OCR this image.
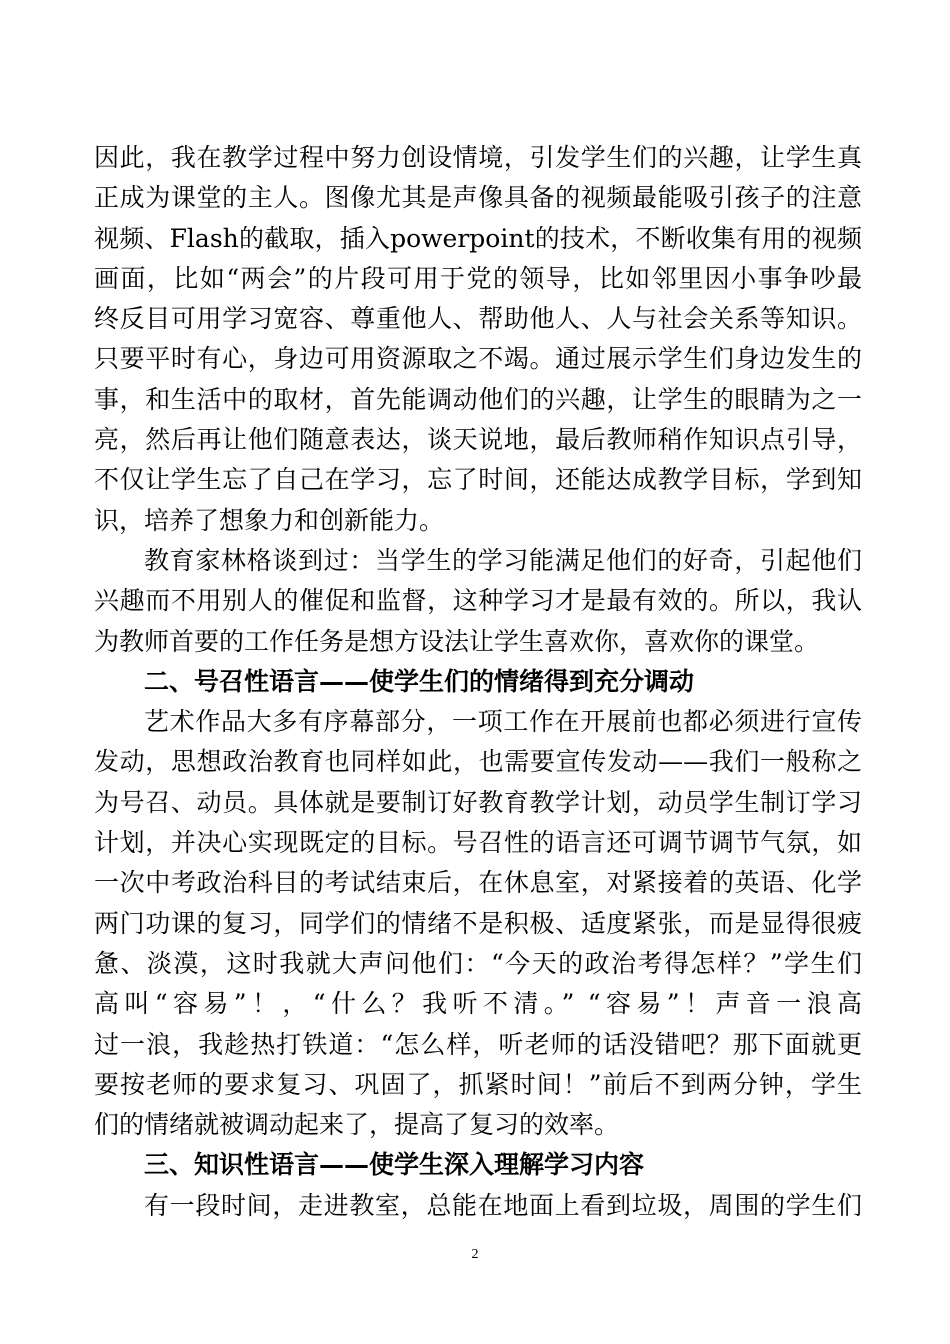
因此，我在教学过程中努力创设情境，引发学生们的兴趣，让学生真
正成为课堂的主人。图像尤其是声像具备的视频最能吸引孩子的注意
视频、Flash的截取，插入powerpoint的技术，不断收集有用的视频
画面，比如“两会”的片段可用于党的领导，比如邻里因小事争吵最
终反目可用学习宽容、尊重他人、帮助他人、人与社会关系等知识。
只要平时有心，身边可用资源取之不竭。通过展示学生们身边发生的
事，和生活中的取材，首先能调动他们的兴趣，让学生的眼睛为之一
亮，然后再让他们随意表达，谈天说地，最后教师稍作知识点引导，
不仅让学生忘了自己在学习，忘了时间，还能达成教学目标，学到知
识，培养了想象力和创新能力。
教育家林格谈到过：当学生的学习能满足他们的好奇，引起他们
兴趣而不用别人的催促和监督，这种学习才是最有效的。所以，我认
为教师首要的工作任务是想方设法让学生喜欢你，喜欢你的课堂。
二、号召性语言——使学生们的情绪得到充分调动
艺术作品大多有序幕部分，一项工作在开展前也都必须进行宣传
发动，思想政治教育也同样如此，也需要宣传发动——我们一般称之
为号召、动员。具体就是要制订好教育教学计划，动员学生制订学习
计划，并决心实现既定的目标。号召性的语言还可调节调节气氛，如
一次中考政治科目的考试结束后，在休息室，对紧接着的英语、化学
两门功课的复习，同学们的情绪不是积极、适度紧张，而是显得很疲
惫、淡漠，这时我就大声问他们：“今天的政治考得怎样？”学生们
高叫“容易”！，“什么？我听不清。” “容易”！声音一浪高
过一浪，我趁热打铁道：“怎么样，听老师的话没错吧？那下面就更
要按老师的要求复习、巩固了，抓紧时间！”前后不到两分钟，学生
们的情绪就被调动起来了，提高了复习的效率。
三、知识性语言——使学生深入理解学习内容
有一段时间，走进教室，总能在地面上看到垃圾，周围的学生们
2
